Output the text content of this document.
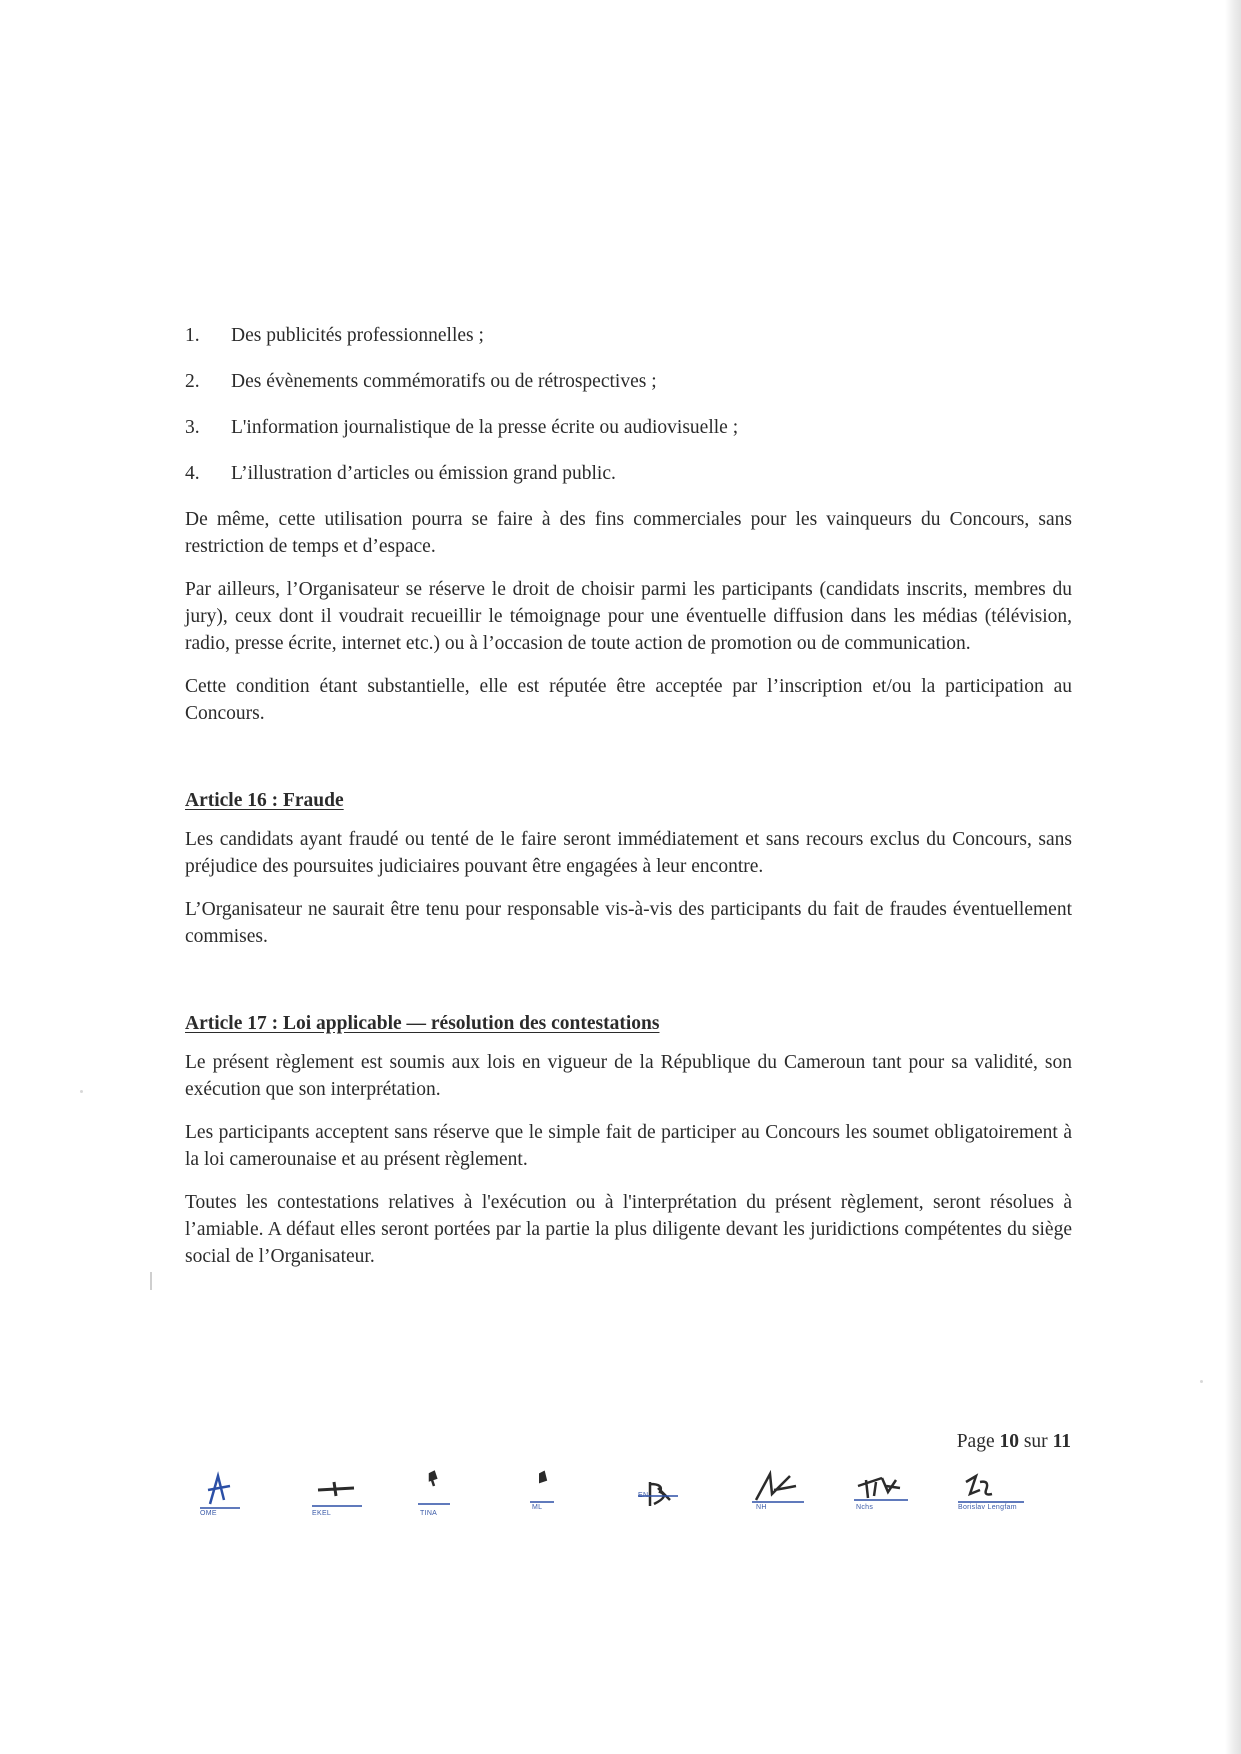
1.	Des publicités professionnelles ;
2.	Des évènements commémoratifs ou de rétrospectives ;
3.	L'information journalistique de la presse écrite ou audiovisuelle ;
4.	L’illustration d’articles ou émission grand public.

De même, cette utilisation pourra se faire à des fins commerciales pour les vainqueurs du Concours, sans restriction de temps et d’espace.

Par ailleurs, l’Organisateur se réserve le droit de choisir parmi les participants (candidats inscrits, membres du jury), ceux dont il voudrait recueillir le témoignage pour une éventuelle diffusion dans les médias (télévision, radio, presse écrite, internet etc.) ou à l’occasion de toute action de promotion ou de communication.

Cette condition étant substantielle, elle est réputée être acceptée par l’inscription et/ou la participation au Concours.

Article 16 : Fraude

Les candidats ayant fraudé ou tenté de le faire seront immédiatement et sans recours exclus du Concours, sans préjudice des poursuites judiciaires pouvant être engagées à leur encontre.

L’Organisateur ne saurait être tenu pour responsable vis-à-vis des participants du fait de fraudes éventuellement commises.

Article 17 : Loi applicable — résolution des contestations

Le présent règlement est soumis aux lois en vigueur de la République du Cameroun tant pour sa validité, son exécution que son interprétation.

Les participants acceptent sans réserve que le simple fait de participer au Concours les soumet obligatoirement à la loi camerounaise et au présent règlement.

Toutes les contestations relatives à l'exécution ou à l'interprétation du présent règlement, seront résolues à l’amiable. A défaut elles seront portées par la partie la plus diligente devant les juridictions compétentes du siège social de l’Organisateur.

Page 10 sur 11
OME	EKEL	TINA
ML
EN
NH	Nchs	Borislav Lengfam
